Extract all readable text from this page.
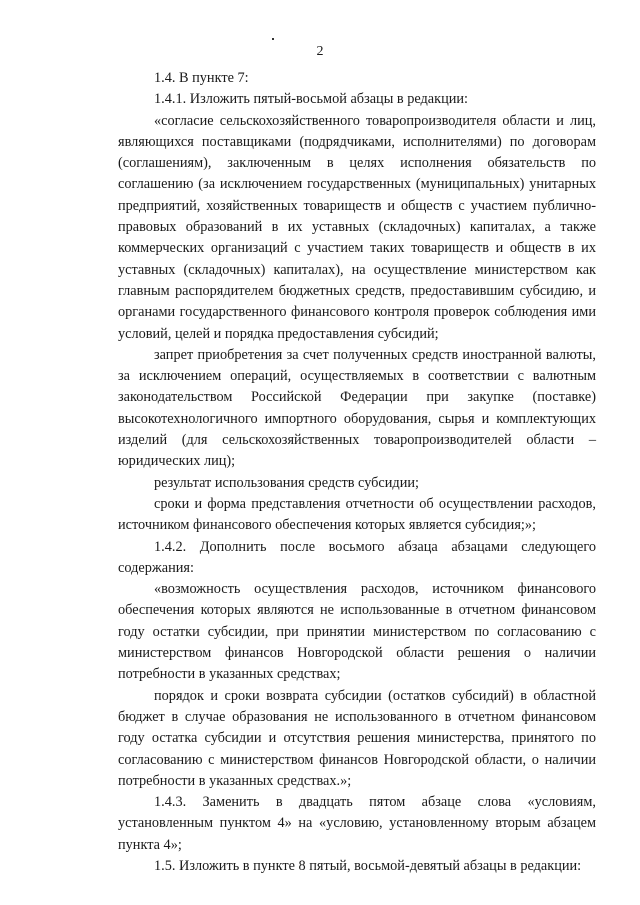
2

1.4. В пункте 7:

1.4.1. Изложить пятый-восьмой абзацы в редакции:

«согласие сельскохозяйственного товаропроизводителя области и лиц, являющихся поставщиками (подрядчиками, исполнителями) по договорам (соглашениям), заключенным в целях исполнения обязательств по соглашению (за исключением государственных (муниципальных) унитарных предприятий, хозяйственных товариществ и обществ с участием публично-правовых образований в их уставных (складочных) капиталах, а также коммерческих организаций с участием таких товариществ и обществ в их уставных (складочных) капиталах), на осуществление министерством как главным распорядителем бюджетных средств, предоставившим субсидию, и органами государственного финансового контроля проверок соблюдения ими условий, целей и порядка предоставления субсидий;

запрет приобретения за счет полученных средств иностранной валюты, за исключением операций, осуществляемых в соответствии с валютным законодательством Российской Федерации при закупке (поставке) высокотехнологичного импортного оборудования, сырья и комплектующих изделий (для сельскохозяйственных товаропроизводителей области – юридических лиц);

результат использования средств субсидии;

сроки и форма представления отчетности об осуществлении расходов, источником финансового обеспечения которых является субсидия;»;

1.4.2. Дополнить после восьмого абзаца абзацами следующего содержания:

«возможность осуществления расходов, источником финансового обеспечения которых являются не использованные в отчетном финансовом году остатки субсидии, при принятии министерством по согласованию с министерством финансов Новгородской области решения о наличии потребности в указанных средствах;

порядок и сроки возврата субсидии (остатков субсидий) в областной бюджет в случае образования не использованного в отчетном финансовом году остатка субсидии и отсутствия решения министерства, принятого по согласованию с министерством финансов Новгородской области, о наличии потребности в указанных средствах.»;

1.4.3. Заменить в двадцать пятом абзаце слова «условиям, установленным пунктом 4» на «условию, установленному вторым абзацем пункта 4»;

1.5. Изложить в пункте 8 пятый, восьмой-девятый абзацы в редакции:
